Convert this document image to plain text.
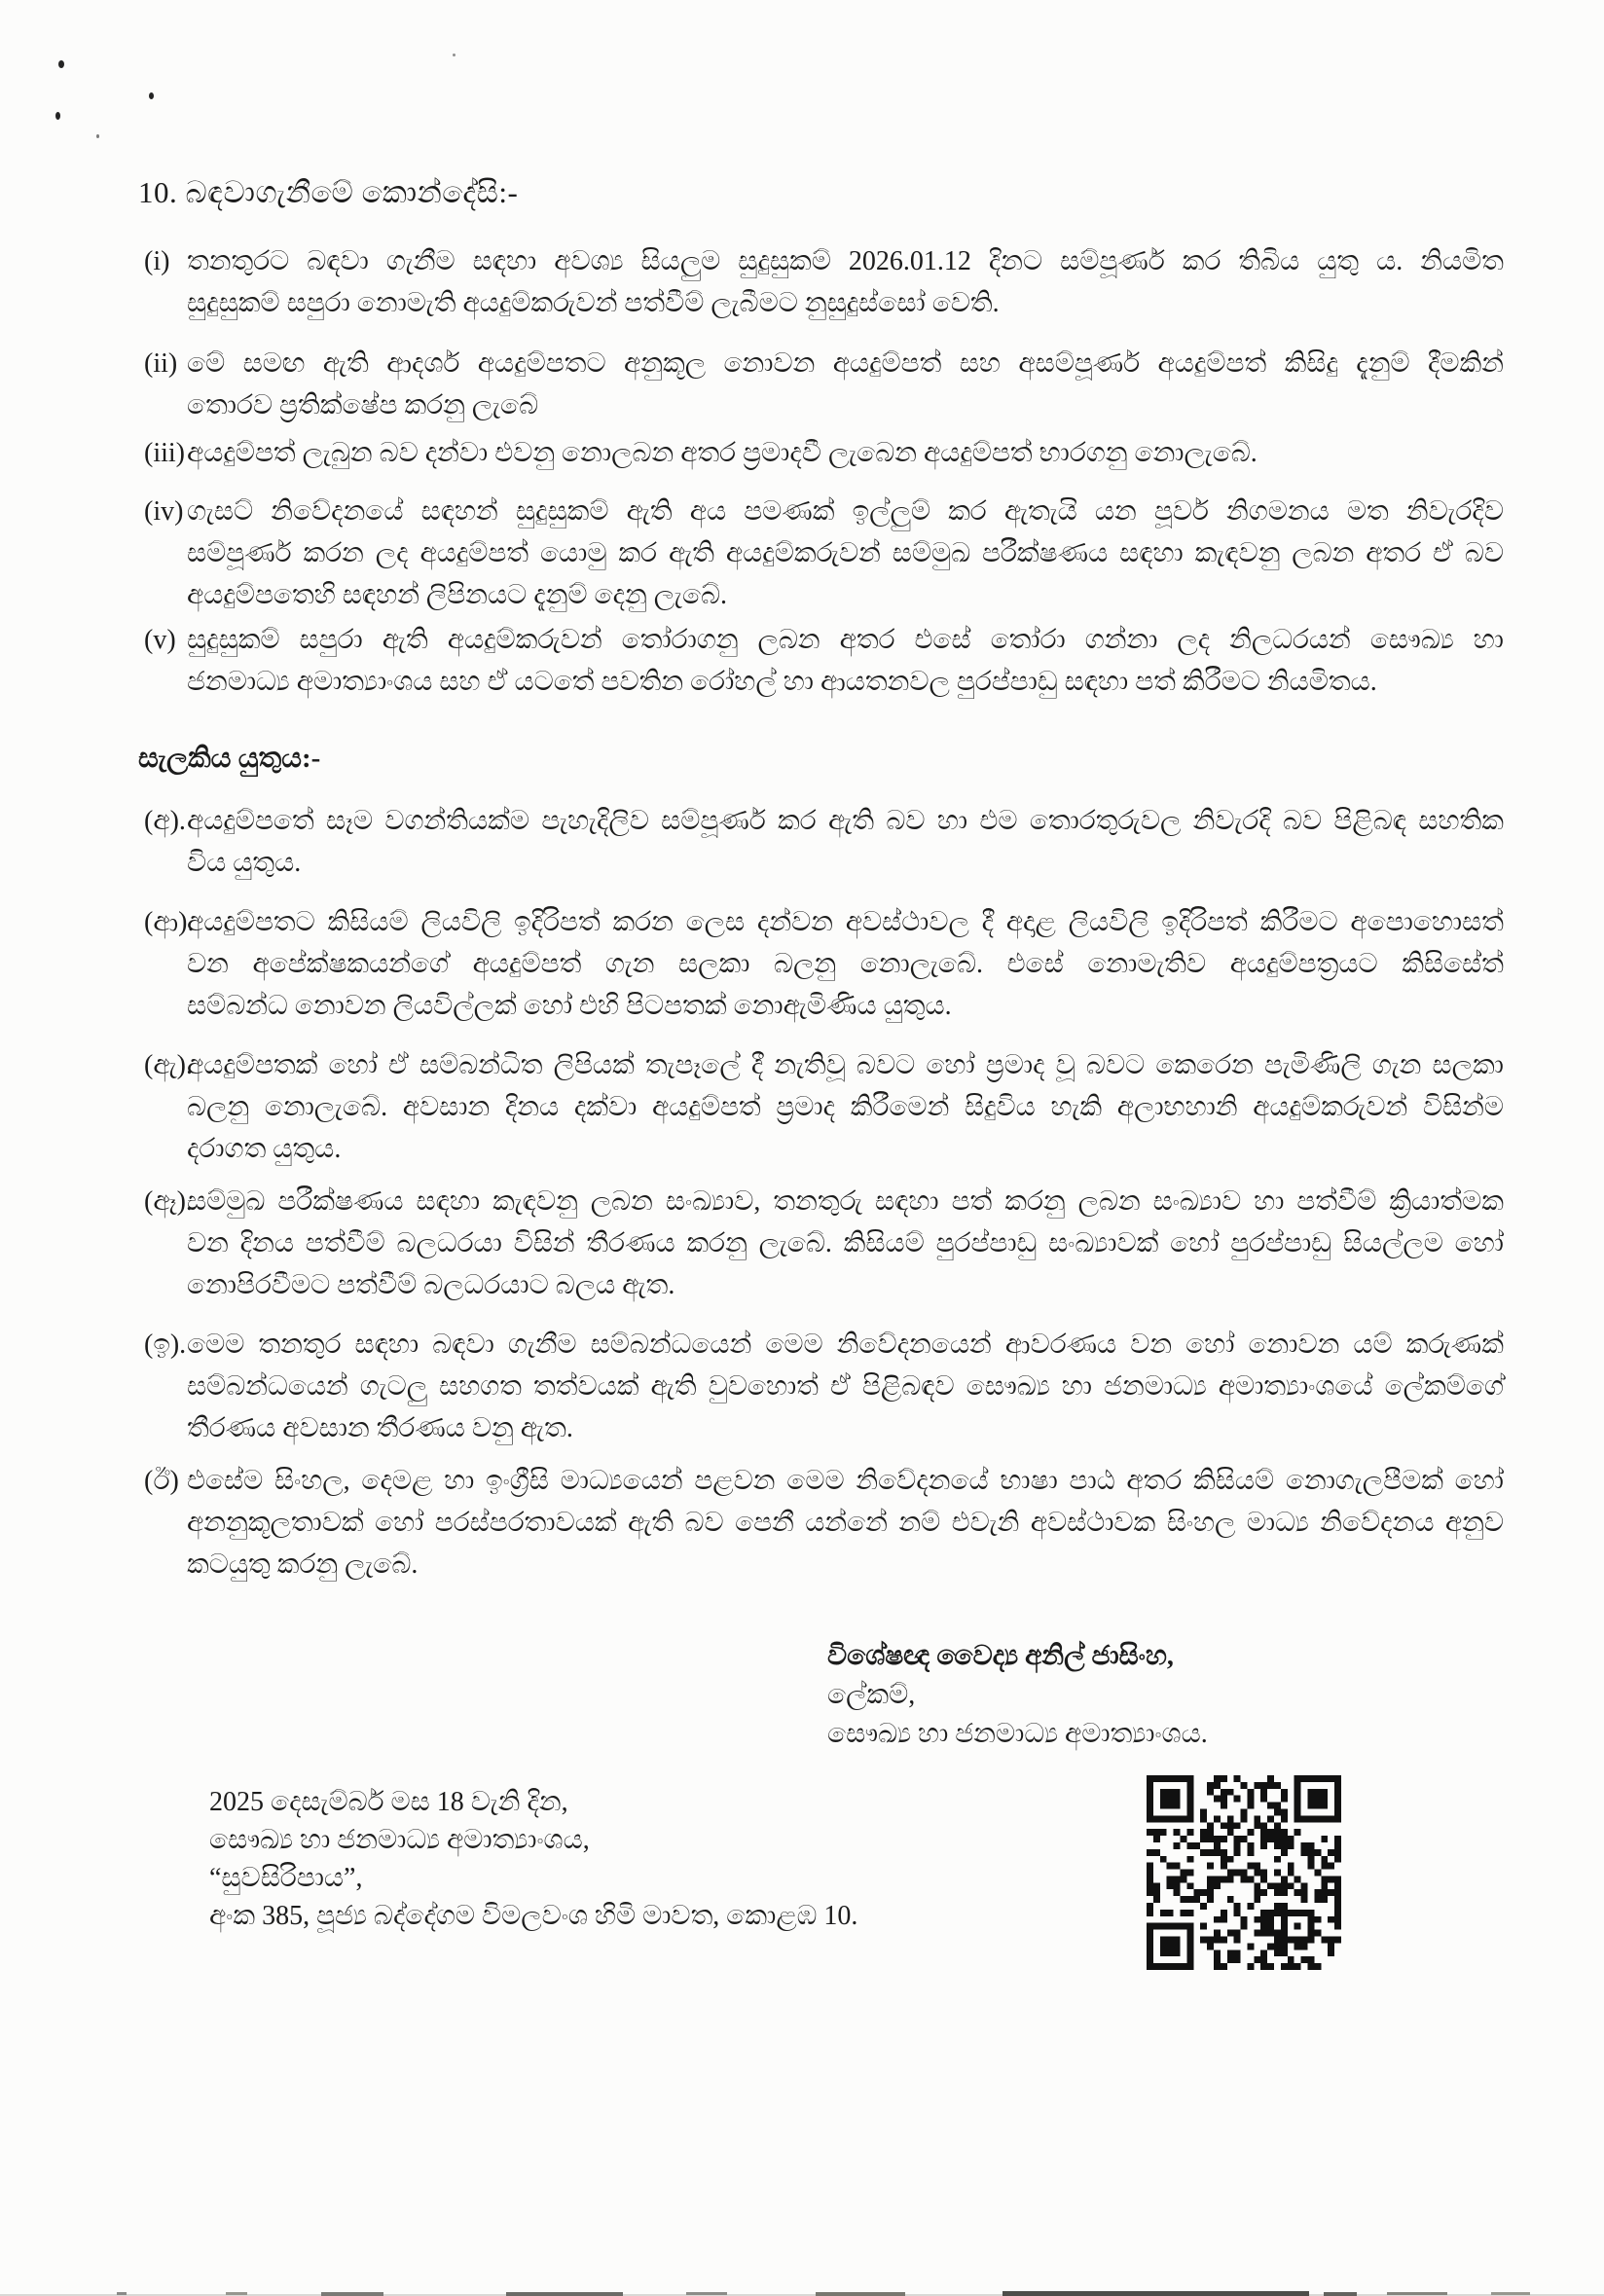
10. බඳවාගැනීමේ කොන්දේසි:-
(i) තනතුරට බඳවා ගැනීම සඳහා අවශ්‍ය සියලුම සුදුසුකම් 2026.01.12 දිනට සම්පූර්ණ කර තිබිය යුතු ය. නියමිත
සුදුසුකම් සපුරා නොමැති අයදුම්කරුවන් පත්වීම් ලැබීමට නුසුදුස්සෝ වෙති.
(ii) මේ සමඟ ඇති ආදර්ශ අයදුම්පතට අනුකූල නොවන අයදුම්පත් සහ අසම්පූර්ණ අයදුම්පත් කිසිදු දැනුම් දීමකින්
තොරව ප්‍රතික්ෂේප කරනු ලැබේ
(iii) අයදුම්පත් ලැබුන බව දන්වා එවනු නොලබන අතර ප්‍රමාදවී ලැබෙන අයදුම්පත් භාරගනු නොලැබේ.
(iv) ගැසට් නිවේදනයේ සඳහන් සුදුසුකම් ඇති අය පමණක් ඉල්ලුම් කර ඇතැයි යන පූර්ව නිගමනය මත නිවැරදිව
සම්පූර්ණ කරන ලද අයදුම්පත් යොමු කර ඇති අයදුම්කරුවන් සම්මුඛ පරීක්ෂණය සඳහා කැඳවනු ලබන අතර ඒ බව
අයදුම්පතෙහි සඳහන් ලිපිනයට දැනුම් දෙනු ලැබේ.
(v) සුදුසුකම් සපුරා ඇති අයදුම්කරුවන් තෝරාගනු ලබන අතර එසේ තෝරා ගන්නා ලද නිලධරයන් සෞඛ්‍ය හා
ජනමාධ්‍ය අමාත්‍යාංශය සහ ඒ යටතේ පවතින රෝහල් හා ආයතනවල පුරප්පාඩු සඳහා පත් කිරීමට නියමිතය.
සැලකිය යුතුය:-
(අ). අයදුම්පතේ සෑම වගන්තියක්ම පැහැදිලිව සම්පූර්ණ කර ඇති බව හා එම තොරතුරුවල නිවැරදි බව පිළිබඳ සහතික
විය යුතුය.
(ආ).
අයදුම්පතට කිසියම් ලියවිලි ඉදිරිපත් කරන ලෙස දන්වන අවස්ථාවල දී අදාළ ලියවිලි ඉදිරිපත් කිරීමට අපොහොසත්
වන අපේක්ෂකයන්ගේ අයදුම්පත් ගැන සලකා බලනු නොලැබේ. එසේ නොමැතිව අයදුම්පත්‍රයට කිසිසේත්
සම්බන්ධ නොවන ලියවිල්ලක් හෝ එහි පිටපතක් නොඇමිණිය යුතුය.
(ඇ).
අයදුම්පතක් හෝ ඒ සම්බන්ධිත ලිපියක් තැපෑලේ දී නැතිවූ බවට හෝ ප්‍රමාද වූ බවට කෙරෙන පැමිණිලි ගැන සලකා
බලනු නොලැබේ. අවසාන දිනය දක්වා අයදුම්පත් ප්‍රමාද කිරීමෙන් සිදුවිය හැකි අලාභහානි අයදුම්කරුවන් විසින්ම
දරාගත යුතුය.
(ඈ).
සම්මුඛ පරීක්ෂණය සඳහා කැඳවනු ලබන සංඛ්‍යාව, තනතුරු සඳහා පත් කරනු ලබන සංඛ්‍යාව හා පත්වීම් ක්‍රියාත්මක
වන දිනය පත්වීම් බලධරයා විසින් තීරණය කරනු ලැබේ. කිසියම් පුරප්පාඩු සංඛ්‍යාවක් හෝ පුරප්පාඩු සියල්ලම හෝ
නොපිරවීමට පත්වීම් බලධරයාට බලය ඇත.
(ඉ). මෙම තනතුර සඳහා බඳවා ගැනීම සම්බන්ධයෙන් මෙම නිවේදනයෙන් ආවරණය වන හෝ නොවන යම් කරුණක්
සම්බන්ධයෙන් ගැටලු සහගත තත්වයක් ඇති වුවහොත් ඒ පිළිබඳව සෞඛ්‍ය හා ජනමාධ්‍ය අමාත්‍යාංශයේ ලේකම්ගේ
තීරණය අවසාන තීරණය වනු ඇත.
(ඊ) එසේම සිංහල, දෙමළ හා ඉංග්‍රීසි මාධ්‍යයෙන් පළවන මෙම නිවේදනයේ භාෂා පාඨ අතර කිසියම් නොගැලපීමක් හෝ
අනනුකූලතාවක් හෝ පරස්පරතාවයක් ඇති බව පෙනී යන්නේ නම් එවැනි අවස්ථාවක සිංහල මාධ්‍ය නිවේදනය අනුව
කටයුතු කරනු ලැබේ.
විශේෂඥ වෛද්‍ය අනිල් ජාසිංහ,
ලේකම්,
සෞඛ්‍ය හා ජනමාධ්‍ය අමාත්‍යාංශය.
2025 දෙසැම්බර් මස 18 වැනි දින,
සෞඛ්‍ය හා ජනමාධ්‍ය අමාත්‍යාංශය,
“සුවසිරිපාය”,
අංක 385, පූජ්‍ය බද්දේගම විමලවංශ හිමි මාවත, කොළඹ 10.
